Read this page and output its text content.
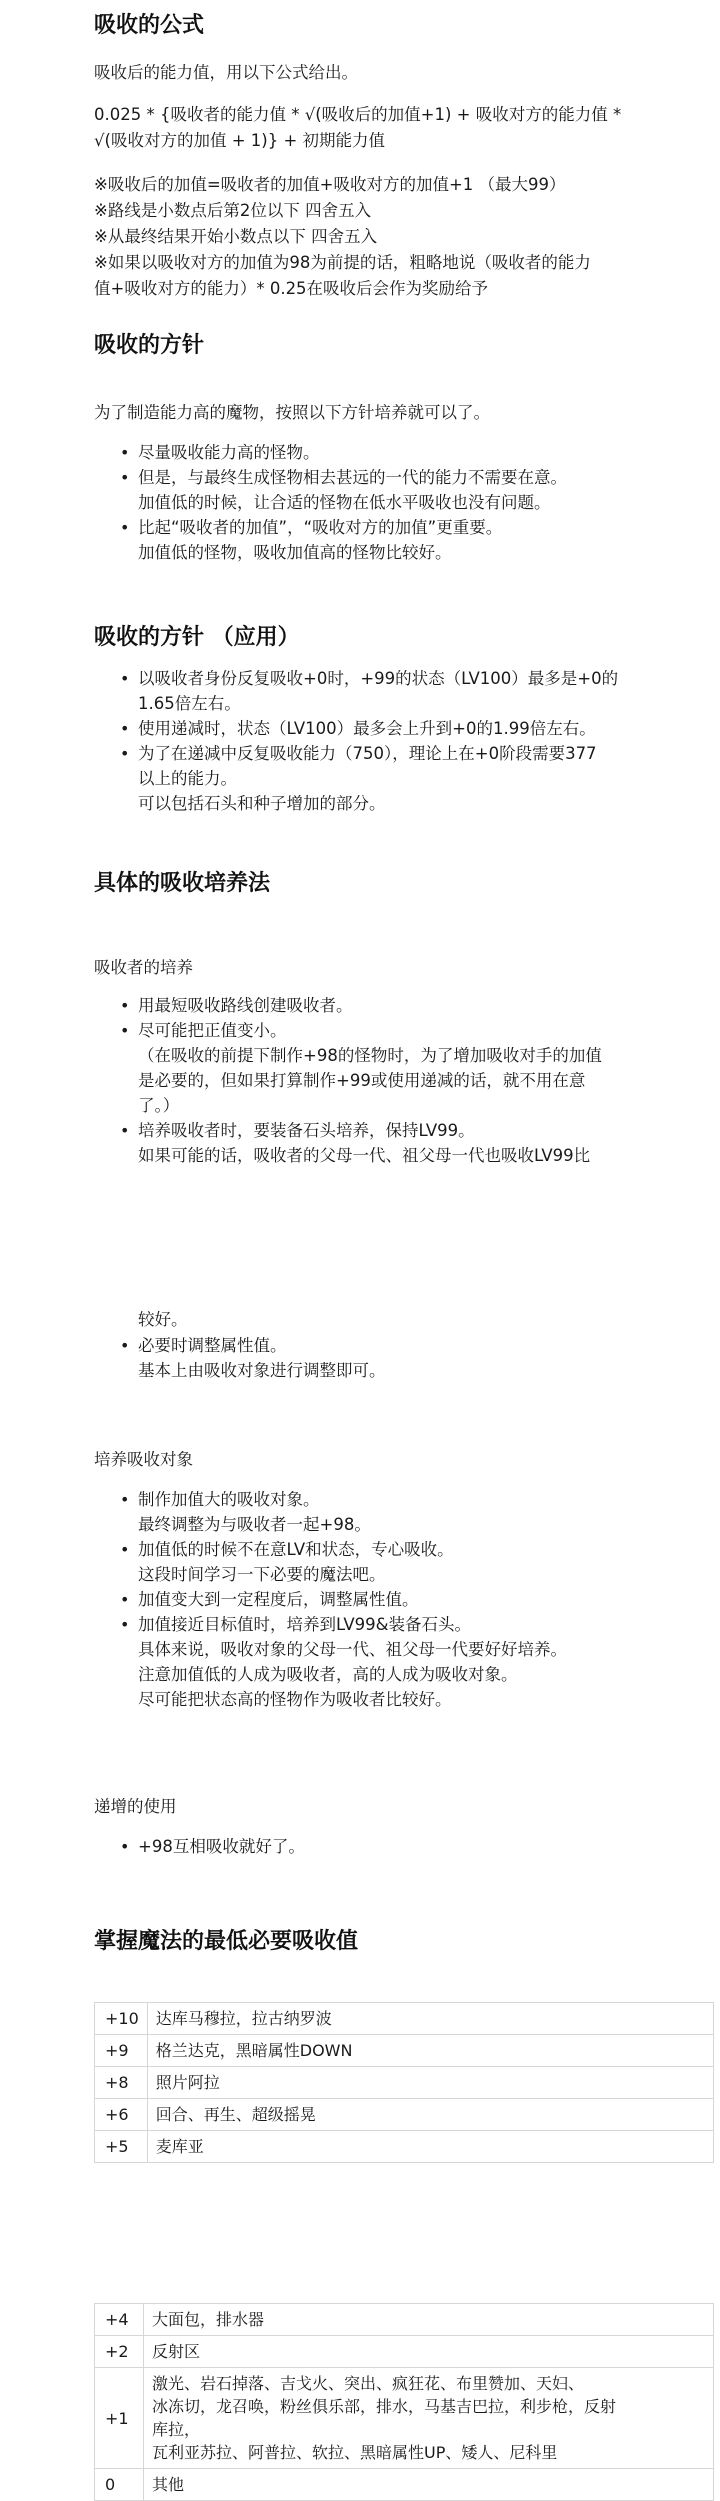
吸收的公式

吸收后的能力值，用以下公式给出。

0.025 * {吸收者的能力值 * √(吸收后的加值+1) + 吸收对方的能力值 *

√(吸收对方的加值 + 1)} + 初期能力值

※吸收后的加值=吸收者的加值+吸收对方的加值+1 （最大99）

※路线是小数点后第2位以下 四舍五入

※从最终结果开始小数点以下 四舍五入

※如果以吸收对方的加值为98为前提的话，粗略地说（吸收者的能力

值+吸收对方的能力）* 0.25在吸收后会作为奖励给予

吸收的方针

为了制造能力高的魔物，按照以下方针培养就可以了。

• 尽量吸收能力高的怪物。
• 但是，与最终生成怪物相去甚远的一代的能力不需要在意。
加值低的时候，让合适的怪物在低水平吸收也没有问题。
• 比起“吸收者的加值”，“吸收对方的加值”更重要。
加值低的怪物，吸收加值高的怪物比较好。
吸收的方针 （应用）
• 以吸收者身份反复吸收+0时，+99的状态（LV100）最多是+0的
1.65倍左右。
• 使用递减时，状态（LV100）最多会上升到+0的1.99倍左右。
• 为了在递减中反复吸收能力（750），理论上在+0阶段需要377
以上的能力。
可以包括石头和种子增加的部分。
具体的吸收培养法

吸收者的培养

• 用最短吸收路线创建吸收者。
• 尽可能把正值变小。
（在吸收的前提下制作+98的怪物时，为了增加吸收对手的加值
是必要的，但如果打算制作+99或使用递减的话，就不用在意
了。）
• 培养吸收者时，要装备石头培养，保持LV99。
如果可能的话，吸收者的父母一代、祖父母一代也吸收LV99比

较好。

• 必要时调整属性值。
基本上由吸收对象进行调整即可。

培养吸收对象

• 制作加值大的吸收对象。
最终调整为与吸收者一起+98。
• 加值低的时候不在意LV和状态，专心吸收。
这段时间学习一下必要的魔法吧。
• 加值变大到一定程度后，调整属性值。
• 加值接近目标值时，培养到LV99&装备石头。
具体来说，吸收对象的父母一代、祖父母一代要好好培养。
注意加值低的人成为吸收者，高的人成为吸收对象。
尽可能把状态高的怪物作为吸收者比较好。

递增的使用

• +98互相吸收就好了。
掌握魔法的最低必要吸收值
+10	达库马穆拉，拉古纳罗波
+9	格兰达克，黑暗属性DOWN
+8	照片阿拉
+6	回合、再生、超级摇晃
+5	麦库亚
+4	大面包，排水器
+2	反射区
+1	激光、岩石掉落、吉戈火、突出、疯狂花、布里赞加、天妇、
冰冻切，龙召唤，粉丝俱乐部，排水，马基吉巴拉，利步枪，反射
库拉，
瓦利亚苏拉、阿普拉、软拉、黑暗属性UP、矮人、尼科里

0	其他
